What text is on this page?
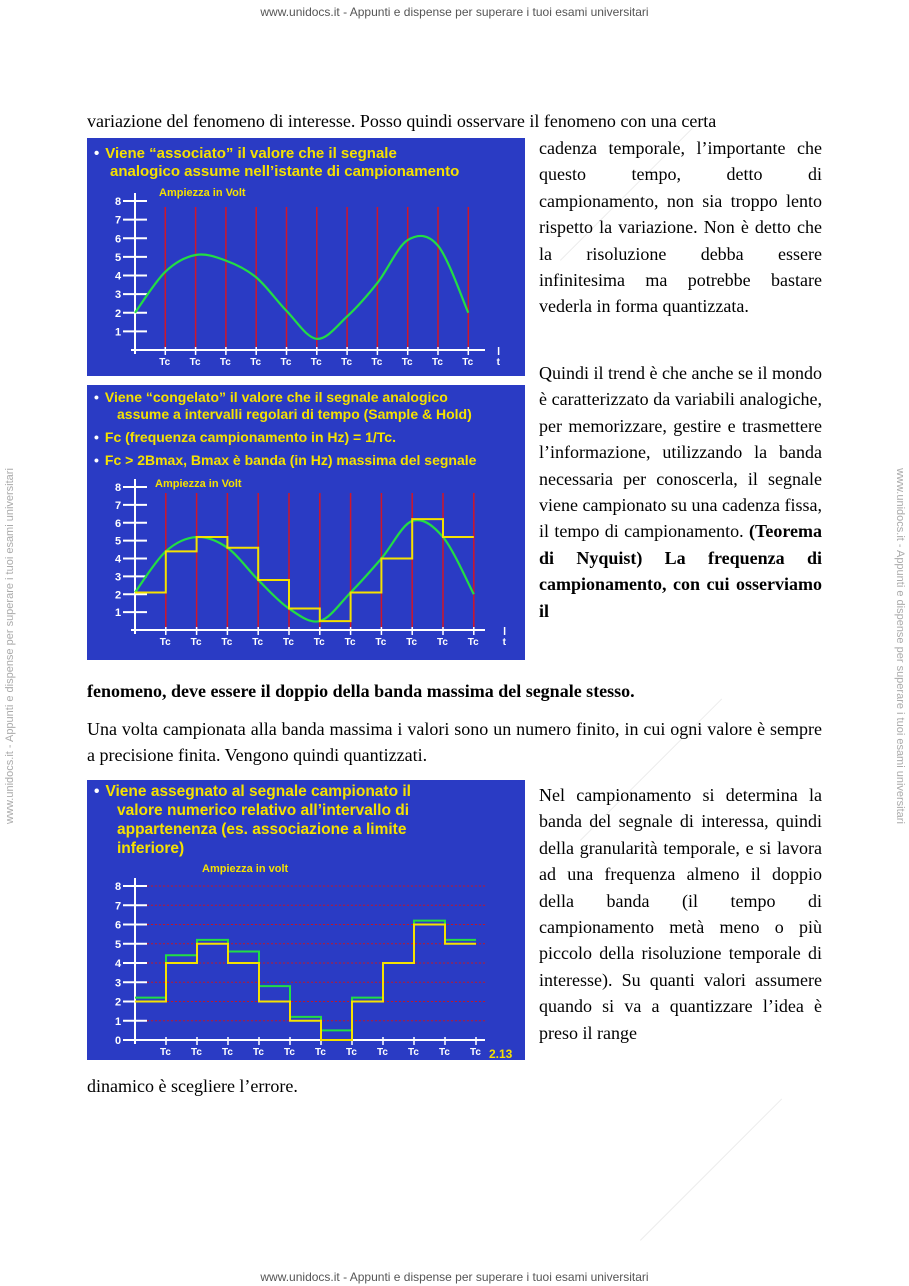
www.unidocs.it - Appunti e dispense per superare i tuoi esami universitari
www.unidocs.it - Appunti e dispense per superare i tuoi esami universitari
www.unidocs.it - Appunti e dispense per superare i tuoi esami universitari	www.unidocs.it - Appunti e dispense per superare i tuoi esami universitari

variazione del fenomeno di interesse. Posso quindi osservare il fenomeno con una certa

cadenza temporale, l’importante che questo tempo, detto di campionamento, non sia troppo lento rispetto la variazione. Non è detto che la risoluzione debba essere infinitesima ma potrebbe bastare vederla in forma quantizzata.

Quindi il trend è che anche se il mondo è caratterizzato da variabili analogiche, per memorizzare, gestire e trasmettere l’informazione, utilizzando la banda necessaria per conoscerla, il segnale viene campionato su una cadenza fissa, il tempo di campionamento. (Teorema di Nyquist) La frequenza di campionamento, con cui osserviamo il

fenomeno, deve essere il doppio della banda massima del segnale stesso.

Una volta campionata alla banda massima i valori sono un numero finito, in cui ogni valore è sempre a precisione finita. Vengono quindi quantizzati.

Nel campionamento si determina la banda del segnale di interessa, quindi della granularità temporale, e si lavora ad una frequenza almeno il doppio della banda (il tempo di campionamento metà meno o più piccolo della risoluzione temporale di interesse). Su quanti valori assumere quando si va a quantizzare l’idea è preso il range

dinamico è scegliere l’errore.

• Viene “associato” il valore che il segnale
analogico assume nell’istante di campionamento
Ampiezza in Volt
1
2
3
4
5
6
7
8
Tc Tc Tc Tc Tc Tc Tc Tc Tc Tc Tc t
• Viene “congelato” il valore che il segnale analogico
assume a intervalli regolari di tempo (Sample & Hold)
• Fc (frequenza campionamento in Hz) = 1/Tc.
• Fc > 2Bmax, Bmax è banda (in Hz) massima del segnale
Ampiezza in Volt
1
2
3
4
5
6
7
8
Tc Tc Tc Tc Tc Tc Tc Tc Tc Tc Tc t
• Viene assegnato al segnale campionato il
valore numerico relativo all’intervallo di
appartenenza (es. associazione a limite
inferiore)
Ampiezza in volt
2.13
0
1
2
3
4
5
6
7
8
Tc Tc Tc Tc Tc Tc Tc Tc Tc Tc Tc
